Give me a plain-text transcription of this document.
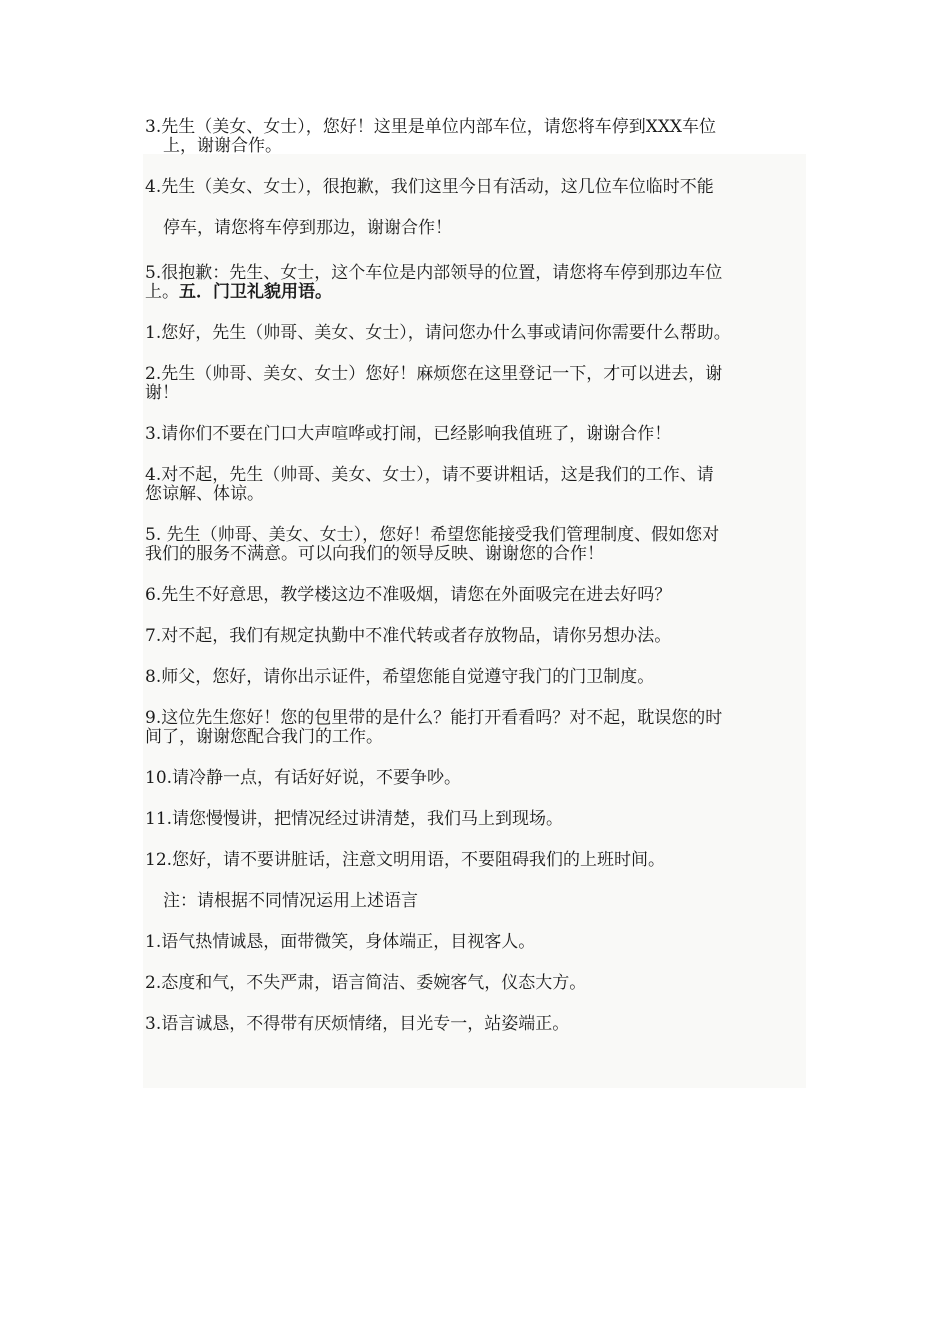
3.先生（美女、女士），您好！这里是单位内部车位，请您将车停到XXX车位
上，谢谢合作。

4.先生（美女、女士），很抱歉，我们这里今日有活动，这几位车位临时不能

停车，请您将车停到那边，谢谢合作！

5.很抱歉：先生、女士，这个车位是内部领导的位置，请您将车停到那边车位
上。五．门卫礼貌用语。

1.您好，先生（帅哥、美女、女士），请问您办什么事或请问你需要什么帮助。

2.先生（帅哥、美女、女士）您好！麻烦您在这里登记一下，才可以进去，谢
谢！

3.请你们不要在门口大声喧哗或打闹，已经影响我值班了，谢谢合作！

4.对不起，先生（帅哥、美女、女士），请不要讲粗话，这是我们的工作、请
您谅解、体谅。

5. 先生（帅哥、美女、女士），您好！希望您能接受我们管理制度、假如您对
我们的服务不满意。可以向我们的领导反映、谢谢您的合作！

6.先生不好意思，教学楼这边不准吸烟，请您在外面吸完在进去好吗？

7.对不起，我们有规定执勤中不准代转或者存放物品，请你另想办法。

8.师父，您好，请你出示证件，希望您能自觉遵守我门的门卫制度。

9.这位先生您好！您的包里带的是什么？能打开看看吗？对不起，耽误您的时
间了，谢谢您配合我门的工作。

10.请冷静一点，有话好好说，不要争吵。

11.请您慢慢讲，把情况经过讲清楚，我们马上到现场。

12.您好，请不要讲脏话，注意文明用语，不要阻碍我们的上班时间。

注：请根据不同情况运用上述语言

1.语气热情诚恳，面带微笑，身体端正，目视客人。

2.态度和气，不失严肃，语言简洁、委婉客气，仪态大方。

3.语言诚恳，不得带有厌烦情绪，目光专一，站姿端正。
